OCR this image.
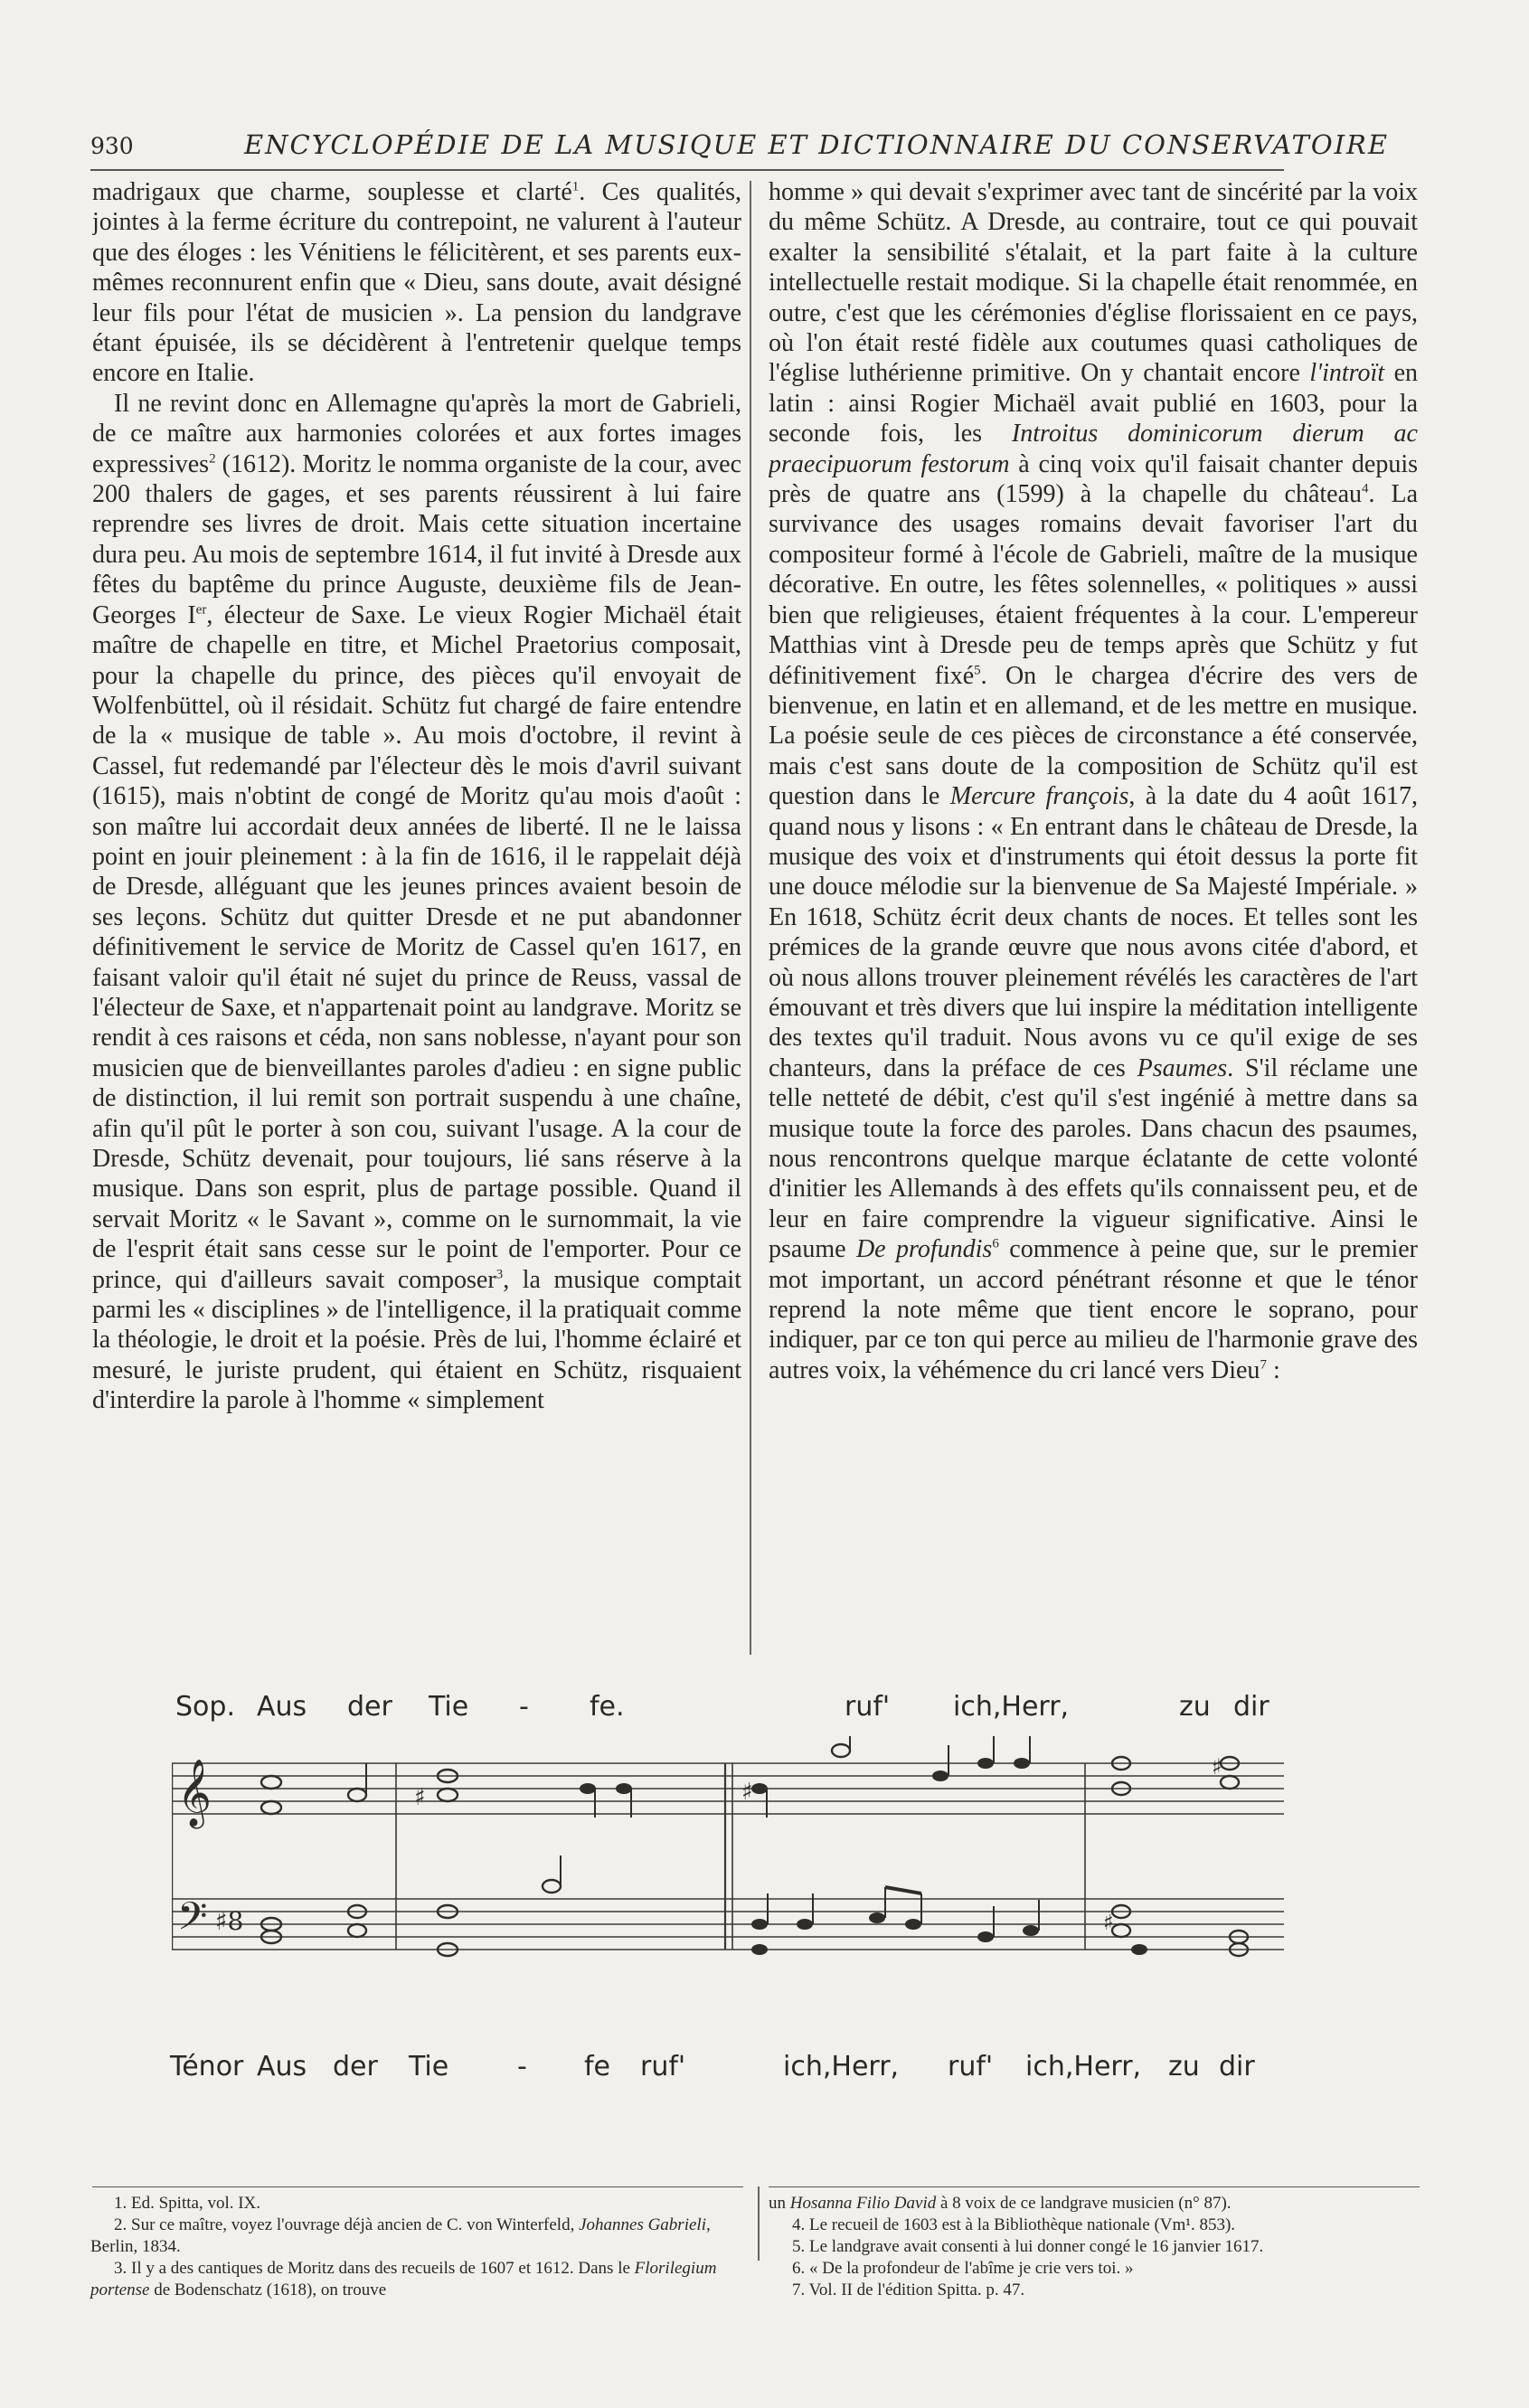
930	ENCYCLOPÉDIE DE LA MUSIQUE ET DICTIONNAIRE DU CONSERVATOIRE

madrigaux que charme, souplesse et clarté$^1$. Ces qualités, jointes à la ferme écriture du contrepoint, ne valurent à l'auteur que des éloges : les Vénitiens le félicitèrent, et ses parents eux-mêmes reconnurent enfin que « Dieu, sans doute, avait désigné leur fils pour l'état de musicien ». La pension du landgrave étant épuisée, ils se décidèrent à l'entretenir quelque temps encore en Italie.

Il ne revint donc en Allemagne qu'après la mort de Gabrieli, de ce maître aux harmonies colorées et aux fortes images expressives$^2$ (1612). Moritz le nomma organiste de la cour, avec 200 thalers de gages, et ses parents réussirent à lui faire reprendre ses livres de droit. Mais cette situation incertaine dura peu. Au mois de septembre 1614, il fut invité à Dresde aux fêtes du baptême du prince Auguste, deuxième fils de Jean-Georges Ier, électeur de Saxe. Le vieux Rogier Michaël était maître de chapelle en titre, et Michel Praetorius composait, pour la chapelle du prince, des pièces qu'il envoyait de Wolfenbüttel, où il résidait. Schütz fut chargé de faire entendre de la « musique de table ». Au mois d'octobre, il revint à Cassel, fut redemandé par l'électeur dès le mois d'avril suivant (1615), mais n'obtint de congé de Moritz qu'au mois d'août : son maître lui accordait deux années de liberté. Il ne le laissa point en jouir pleinement : à la fin de 1616, il le rappelait déjà de Dresde, alléguant que les jeunes princes avaient besoin de ses leçons. Schütz dut quitter Dresde et ne put abandonner définitivement le service de Moritz de Cassel qu'en 1617, en faisant valoir qu'il était né sujet du prince de Reuss, vassal de l'électeur de Saxe, et n'appartenait point au landgrave. Moritz se rendit à ces raisons et céda, non sans noblesse, n'ayant pour son musicien que de bienveillantes paroles d'adieu : en signe public de distinction, il lui remit son portrait suspendu à une chaîne, afin qu'il pût le porter à son cou, suivant l'usage. A la cour de Dresde, Schütz devenait, pour toujours, lié sans réserve à la musique. Dans son esprit, plus de partage possible. Quand il servait Moritz « le Savant », comme on le surnommait, la vie de l'esprit était sans cesse sur le point de l'emporter. Pour ce prince, qui d'ailleurs savait composer$^3$, la musique comptait parmi les « disciplines » de l'intelligence, il la pratiquait comme la théologie, le droit et la poésie. Près de lui, l'homme éclairé et mesuré, le juriste prudent, qui étaient en Schütz, risquaient d'interdire la parole à l'homme « simplement

homme » qui devait s'exprimer avec tant de sincérité par la voix du même Schütz. A Dresde, au contraire, tout ce qui pouvait exalter la sensibilité s'étalait, et la part faite à la culture intellectuelle restait modique. Si la chapelle était renommée, en outre, c'est que les cérémonies d'église florissaient en ce pays, où l'on était resté fidèle aux coutumes quasi catholiques de l'église luthérienne primitive. On y chantait encore l'introït en latin : ainsi Rogier Michaël avait publié en 1603, pour la seconde fois, les Introitus dominicorum dierum ac praecipuorum festorum à cinq voix qu'il faisait chanter depuis près de quatre ans (1599) à la chapelle du château$^4$. La survivance des usages romains devait favoriser l'art du compositeur formé à l'école de Gabrieli, maître de la musique décorative. En outre, les fêtes solennelles, « politiques » aussi bien que religieuses, étaient fréquentes à la cour. L'empereur Matthias vint à Dresde peu de temps après que Schütz y fut définitivement fixé$^5$. On le chargea d'écrire des vers de bienvenue, en latin et en allemand, et de les mettre en musique. La poésie seule de ces pièces de circonstance a été conservée, mais c'est sans doute de la composition de Schütz qu'il est question dans le Mercure françois, à la date du 4 août 1617, quand nous y lisons : « En entrant dans le château de Dresde, la musique des voix et d'instruments qui étoit dessus la porte fit une douce mélodie sur la bienvenue de Sa Majesté Impériale. » En 1618, Schütz écrit deux chants de noces. Et telles sont les prémices de la grande œuvre que nous avons citée d'abord, et où nous allons trouver pleinement révélés les caractères de l'art émouvant et très divers que lui inspire la méditation intelligente des textes qu'il traduit. Nous avons vu ce qu'il exige de ses chanteurs, dans la préface de ces Psaumes. S'il réclame une telle netteté de débit, c'est qu'il s'est ingénié à mettre dans sa musique toute la force des paroles. Dans chacun des psaumes, nous rencontrons quelque marque éclatante de cette volonté d'initier les Allemands à des effets qu'ils connaissent peu, et de leur en faire comprendre la vigueur significative. Ainsi le psaume De profundis$^6$ commence à peine que, sur le premier mot important, un accord pénétrant résonne et que le ténor reprend la note même que tient encore le soprano, pour indiquer, par ce ton qui perce au milieu de l'harmonie grave des autres voix, la véhémence du cri lancé vers Dieu$^7$ :

Sop. Aus der Tie - fe.	ruf' ich,Herr,	zu dir
𝄞
𝄢 ♯8
♯	♯
♯
♯
Ténor Aus der Tie	- fe ruf'	ich,Herr, ruf' ich,Herr, zu dir

1. Ed. Spitta, vol. IX.

2. Sur ce maître, voyez l'ouvrage déjà ancien de C. von Winterfeld, Johannes Gabrieli, Berlin, 1834.

3. Il y a des cantiques de Moritz dans des recueils de 1607 et 1612. Dans le Florilegium portense de Bodenschatz (1618), on trouve

un Hosanna Filio David à 8 voix de ce landgrave musicien (n° 87).

4. Le recueil de 1603 est à la Bibliothèque nationale (Vm¹. 853).

5. Le landgrave avait consenti à lui donner congé le 16 janvier 1617.

6. « De la profondeur de l'abîme je crie vers toi. »

7. Vol. II de l'édition Spitta. p. 47.
